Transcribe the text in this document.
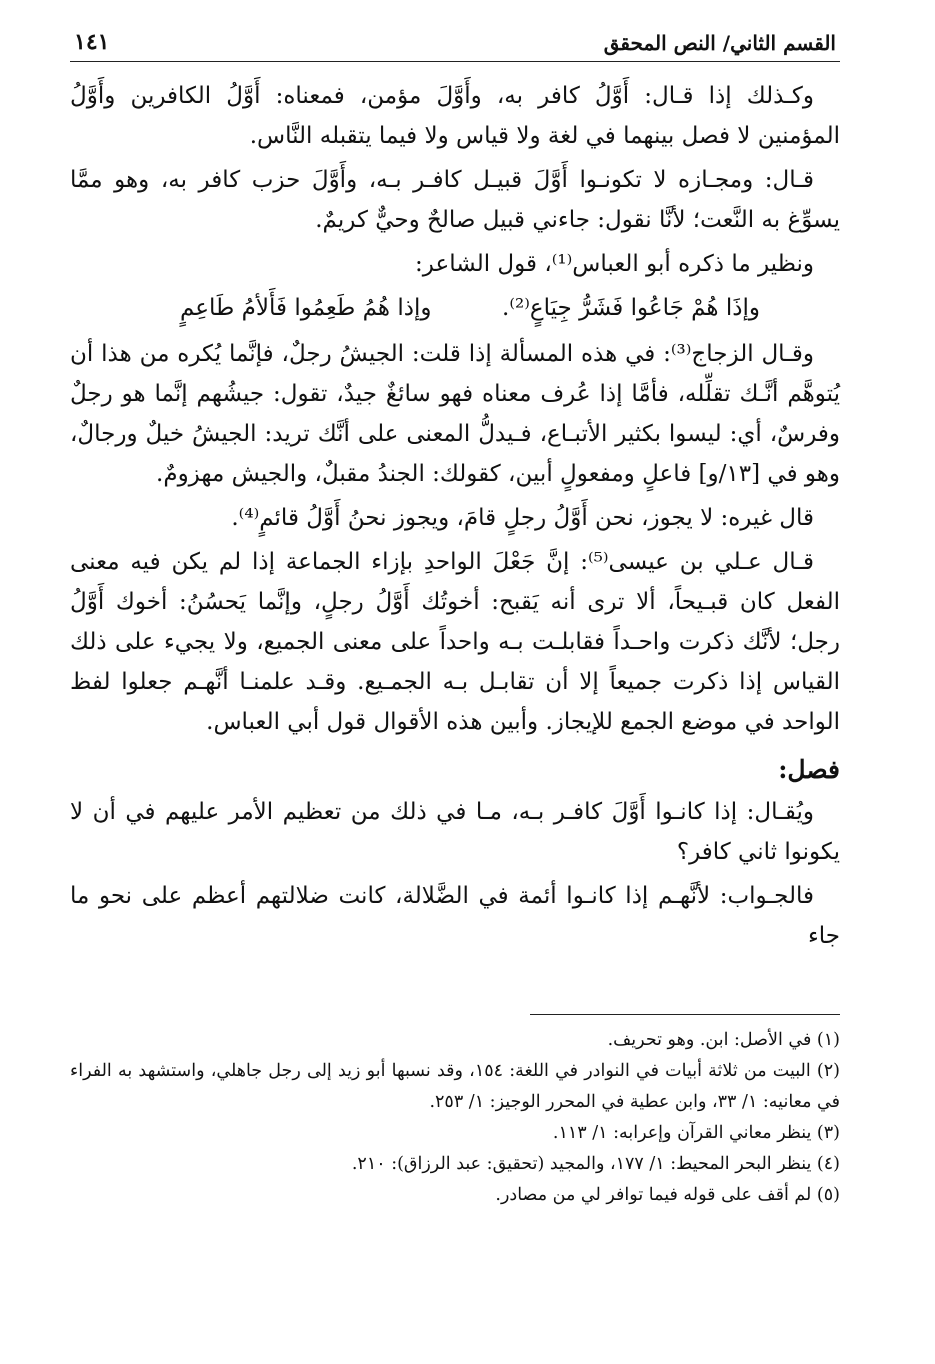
القسم الثاني/ النص المحقق
١٤١

وكـذلك إذا قـال: أَوَّلُ كافر به، وأَوَّلَ مؤمن، فمعناه: أَوَّلُ الكافرين وأَوَّلُ المؤمنين لا فصل بينهما في لغة ولا قياس ولا فيما يتقبله النَّاس.

قـال: ومجـازه لا تكونـوا أَوَّلَ قبيـل كافـر بـه، وأَوَّلَ حزب كافر به، وهو ممَّا يسوِّغ به النَّعت؛ لأنَّا نقول: جاءني قبيل صالحٌ وحيٌّ كريمٌ.

ونظير ما ذكره أبو العباس⁽¹⁾، قول الشاعر:

وإذَا هُمْ جَاعُوا فَشَرُّ جِيَاعٍ⁽²⁾.
وإذا هُمُ طَعِمُوا فَأَلأمُ طَاعِمٍ

وقـال الزجاج⁽³⁾: في هذه المسألة إذا قلت: الجيشُ رجلٌ، فإنَّما يُكره من هذا أن يُتوهَّم أنَّـك تقلِّله، فأمَّا إذا عُرف معناه فهو سائغٌ جيدٌ، تقول: جيشُهم إنَّما هو رجلٌ وفرسٌ، أي: ليسوا بكثير الأتبـاع، فـيدلُّ المعنى على أنَّك تريد: الجيشُ خيلٌ ورجالٌ، وهو في [١٣/و] فاعلٍ ومفعولٍ أبين، كقولك: الجندُ مقبلٌ، والجيش مهزومٌ.

قال غيره: لا يجوز، نحن أَوَّلُ رجلٍ قامَ، ويجوز نحنُ أَوَّلُ قائمٍ⁽⁴⁾.

قـال عـلي بن عيسى⁽⁵⁾: إنَّ جَعْلَ الواحدِ بإزاء الجماعة إذا لم يكن فيه معنى الفعل كان قبـيحاً، ألا ترى أنه يَقبح: أخوتُك أَوَّلُ رجلٍ، وإنَّما يَحسُنُ: أخوك أَوَّلُ رجل؛ لأنَّك ذكرت واحـداً فقابلـت بـه واحداً على معنى الجميع، ولا يجيء على ذلك القياس إذا ذكرت جميعاً إلا أن تقابـل بـه الجمـيع. وقـد علمنـا أنَّهـم جعلوا لفظ الواحد في موضع الجمع للإيجاز. وأبين هذه الأقوال قول أبي العباس.

فصل:

ويُقـال: إذا كانـوا أَوَّلَ كافـر بـه، مـا في ذلك من تعظيم الأمر عليهم في أن لا يكونوا ثاني كافر؟

فالجـواب: لأنَّهـم إذا كانـوا أئمة في الضَّلالة، كانت ضلالتهم أعظم على نحو ما جاء

(١) في الأصل: ابن. وهو تحريف.

(٢) البيت من ثلاثة أبيات في النوادر في اللغة: ١٥٤، وقد نسبها أبو زيد إلى رجل جاهلي، واستشهد به الفراء في معانيه: ١/ ٣٣، وابن عطية في المحرر الوجيز: ١/ ٢٥٣.

(٣) ينظر معاني القرآن وإعرابه: ١/ ١١٣.

(٤) ينظر البحر المحيط: ١/ ١٧٧، والمجيد (تحقيق: عبد الرزاق): ٢١٠.

(٥) لم أقف على قوله فيما توافر لي من مصادر.
